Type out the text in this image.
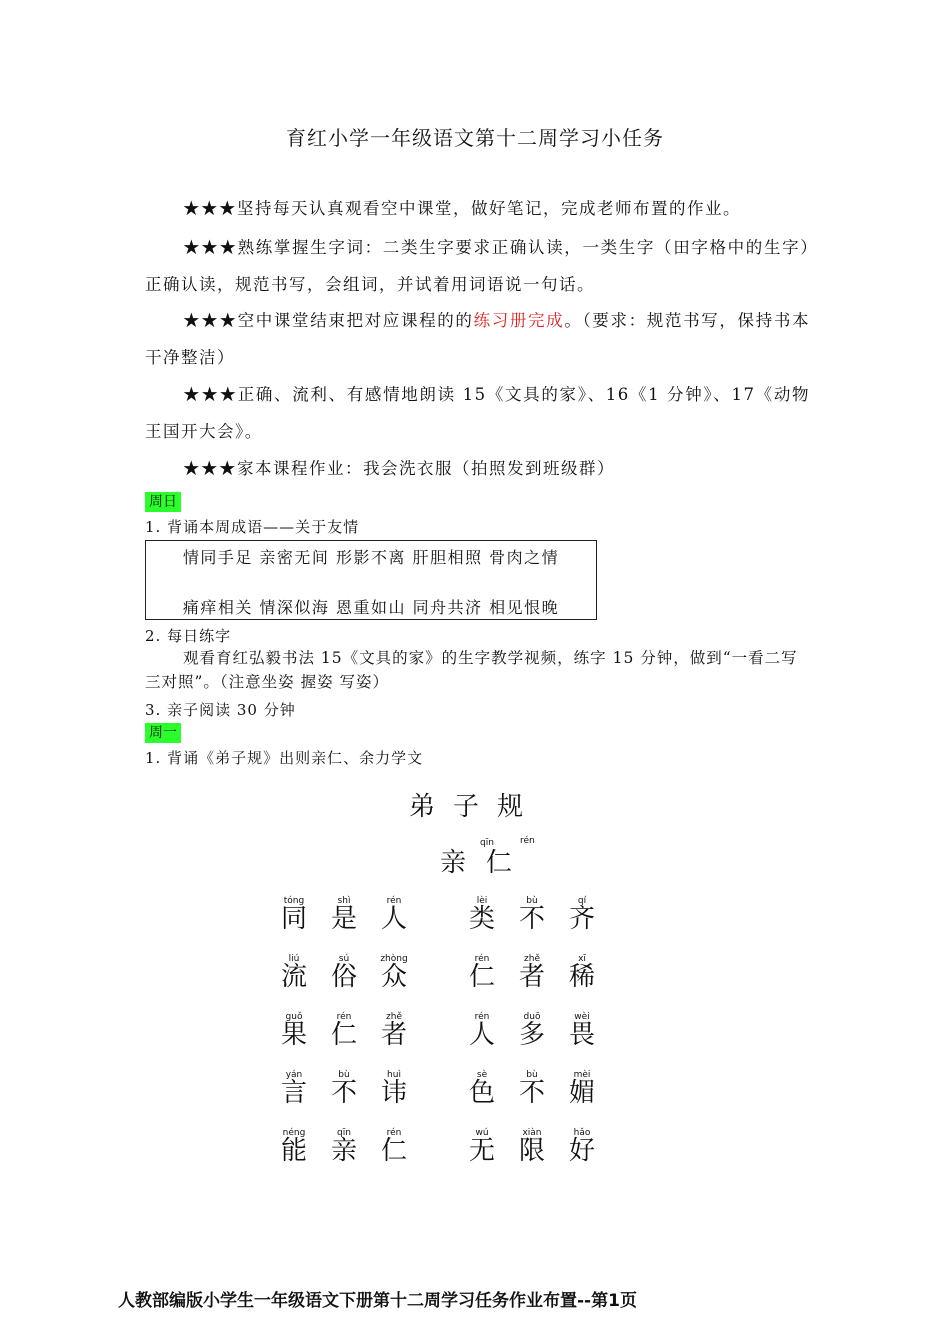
育红小学一年级语文第十二周学习小任务
★★★坚持每天认真观看空中课堂，做好笔记，完成老师布置的作业。
★★★熟练掌握生字词：二类生字要求正确认读，一类生字（田字格中的生字）正确认读，规范书写，会组词，并试着用词语说一句话。
★★★空中课堂结束把对应课程的的练习册完成。（要求：规范书写，保持书本干净整洁）
★★★正确、流利、有感情地朗读 15《文具的家》、16《1 分钟》、17《动物王国开大会》。
★★★家本课程作业：我会洗衣服（拍照发到班级群）
周日
1. 背诵本周成语——关于友情
情同手足 亲密无间 形影不离 肝胆相照 骨肉之情
痛痒相关 情深似海 恩重如山 同舟共济 相见恨晚
2. 每日练字
观看育红弘毅书法 15《文具的家》的生字教学视频，练字 15 分钟，做到“一看二写三对照”。（注意坐姿 握姿 写姿）
3. 亲子阅读 30 分钟
周一
1. 背诵《弟子规》出则亲仁、余力学文
弟子规
亲 仁
qīn	rén
tóng
同
shì
是
rén
人
lèi
类
bù
不
qí
齐
liú
流
sú
俗
zhòng
众
rén
仁
zhě
者
xī
稀
guǒ
果
rén
仁
zhě
者
rén
人
duō
多
wèi
畏
yán
言
bù
不
huì
讳
sè
色
bù
不
mèi
媚
néng
能
qīn
亲
rén
仁
wú
无
xiàn
限
hǎo
好
人教部编版小学生一年级语文下册第十二周学习任务作业布置--第1页
